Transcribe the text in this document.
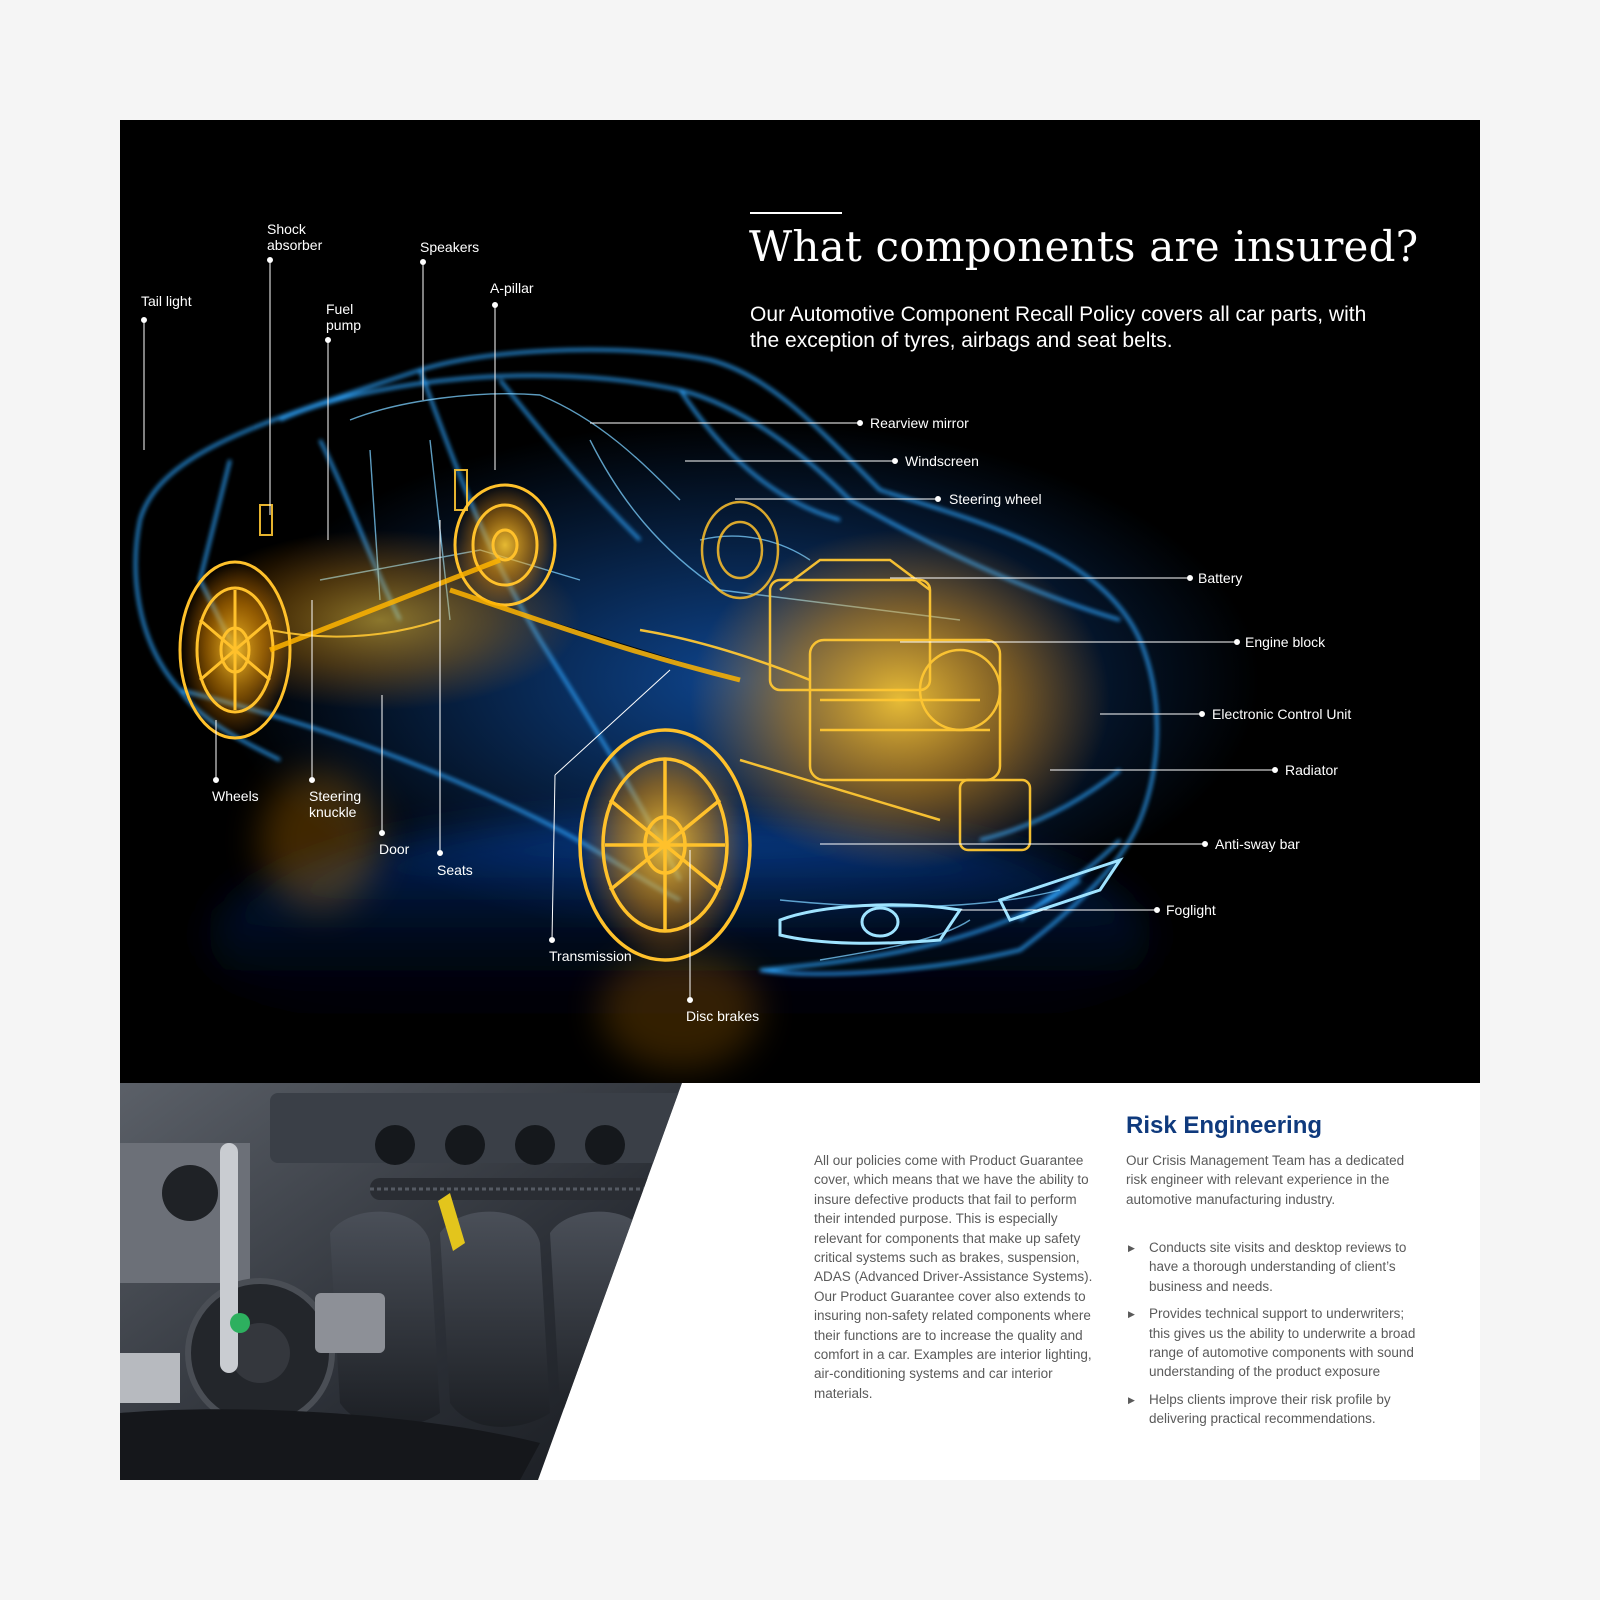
What components are insured?

Our Automotive Component Recall Policy covers all car parts, with the exception of tyres, airbags and seat belts.

Tail light
Shock
absorber	Speakers
Fuel
pump
A-pillar
Rearview mirror
Windscreen
Steering wheel
Battery
Engine block
Electronic Control Unit
Radiator
Anti-sway bar
Foglight
Wheels	Steering
knuckle
Door
Seats
Transmission
Disc brakes

All our policies come with Product Guarantee cover, which means that we have the ability to insure defective products that fail to perform their intended purpose. This is especially relevant for components that make up safety critical systems such as brakes, suspension, ADAS (Advanced Driver-Assistance Systems). Our Product Guarantee cover also extends to insuring non-safety related components where their functions are to increase the quality and comfort in a car. Examples are interior lighting, air-conditioning systems and car interior materials.

Risk Engineering

Our Crisis Management Team has a dedicated risk engineer with relevant experience in the automotive manufacturing industry.

▶ Conducts site visits and desktop reviews to have a thorough understanding of client’s business and needs.
▶ Provides technical support to underwriters; this gives us the ability to underwrite a broad range of automotive components with sound understanding of the product exposure
▶ Helps clients improve their risk profile by delivering practical recommendations.
